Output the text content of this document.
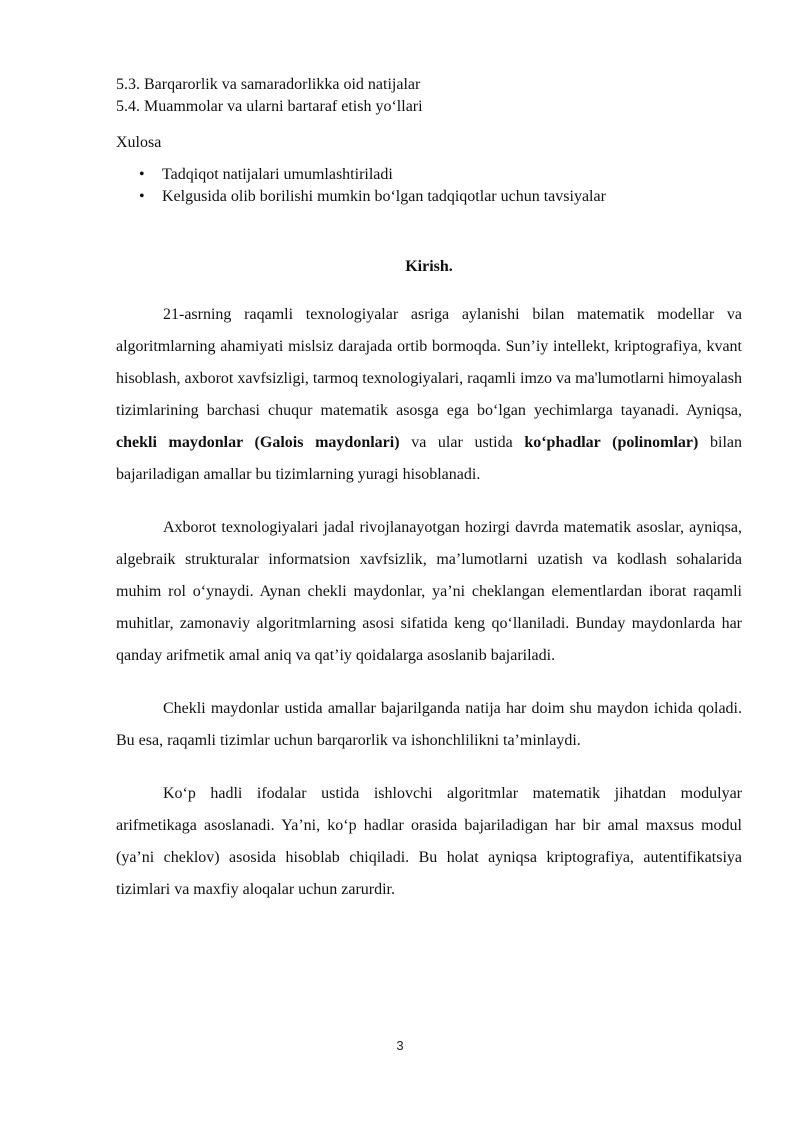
5.3. Barqarorlik va samaradorlikka oid natijalar

5.4. Muammolar va ularni bartaraf etish yo‘llari

Xulosa

• Tadqiqot natijalari umumlashtiriladi
• Kelgusida olib borilishi mumkin bo‘lgan tadqiqotlar uchun tavsiyalar
Kirish.

21-asrning raqamli texnologiyalar asriga aylanishi bilan matematik modellar va algoritmlarning ahamiyati mislsiz darajada ortib bormoqda. Sun’iy intellekt, kriptografiya, kvant hisoblash, axborot xavfsizligi, tarmoq texnologiyalari, raqamli imzo va ma'lumotlarni himoyalash tizimlarining barchasi chuqur matematik asosga ega bo‘lgan yechimlarga tayanadi. Ayniqsa, chekli maydonlar (Galois maydonlari) va ular ustida ko‘phadlar (polinomlar) bilan bajariladigan amallar bu tizimlarning yuragi hisoblanadi.

Axborot texnologiyalari jadal rivojlanayotgan hozirgi davrda matematik asoslar, ayniqsa, algebraik strukturalar informatsion xavfsizlik, ma’lumotlarni uzatish va kodlash sohalarida muhim rol o‘ynaydi. Aynan chekli maydonlar, ya’ni cheklangan elementlardan iborat raqamli muhitlar, zamonaviy algoritmlarning asosi sifatida keng qo‘llaniladi. Bunday maydonlarda har qanday arifmetik amal aniq va qat’iy qoidalarga asoslanib bajariladi.

Chekli maydonlar ustida amallar bajarilganda natija har doim shu maydon ichida qoladi. Bu esa, raqamli tizimlar uchun barqarorlik va ishonchlilikni ta’minlaydi.

Ko‘p hadli ifodalar ustida ishlovchi algoritmlar matematik jihatdan modulyar arifmetikaga asoslanadi. Ya’ni, ko‘p hadlar orasida bajariladigan har bir amal maxsus modul (ya’ni cheklov) asosida hisoblab chiqiladi. Bu holat ayniqsa kriptografiya, autentifikatsiya tizimlari va maxfiy aloqalar uchun zarurdir.

3
